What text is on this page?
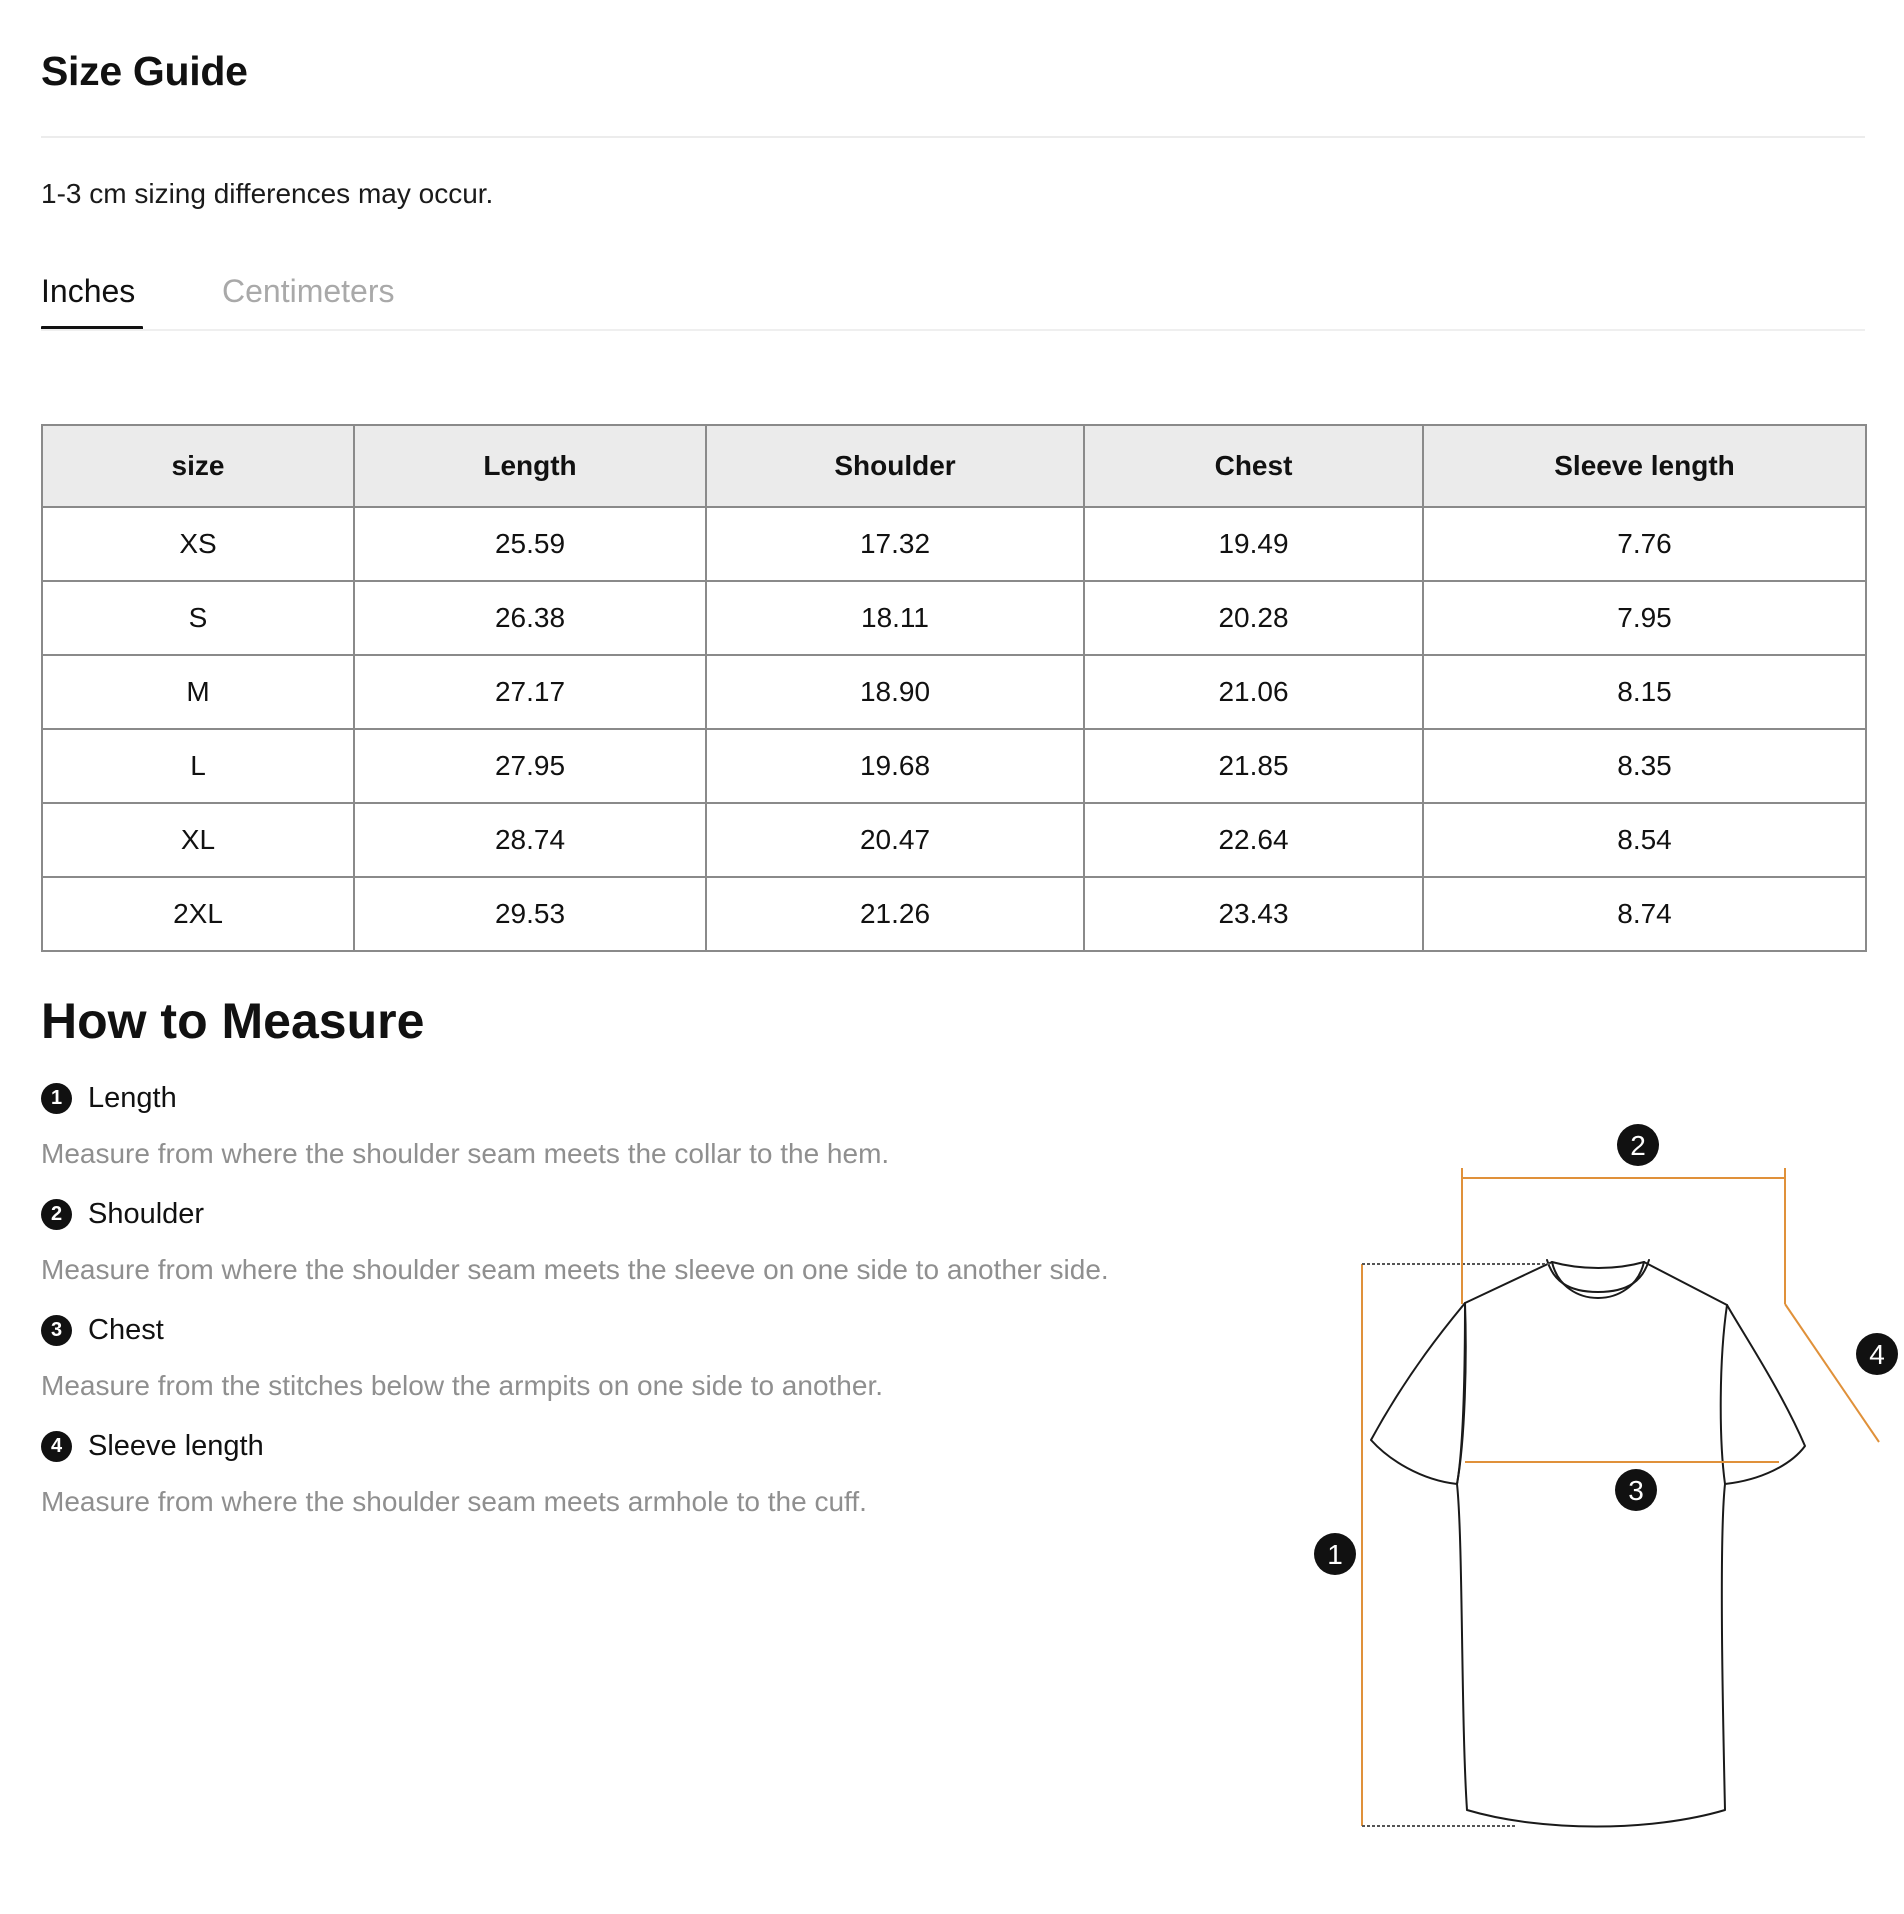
Size Guide
1-3 cm sizing differences may occur.
Inches	Centimeters
size	Length	Shoulder	Chest	Sleeve length
XS	25.59	17.32	19.49	7.76
S	26.38	18.11	20.28	7.95
M	27.17	18.90	21.06	8.15
L	27.95	19.68	21.85	8.35
XL	28.74	20.47	22.64	8.54
2XL	29.53	21.26	23.43	8.74
How to Measure
1 Length
Measure from where the shoulder seam meets the collar to the hem.
2 Shoulder
Measure from where the shoulder seam meets the sleeve on one side to another side.
3 Chest
Measure from the stitches below the armpits on one side to another.
4 Sleeve length
Measure from where the shoulder seam meets armhole to the cuff.
1
2
3
4
